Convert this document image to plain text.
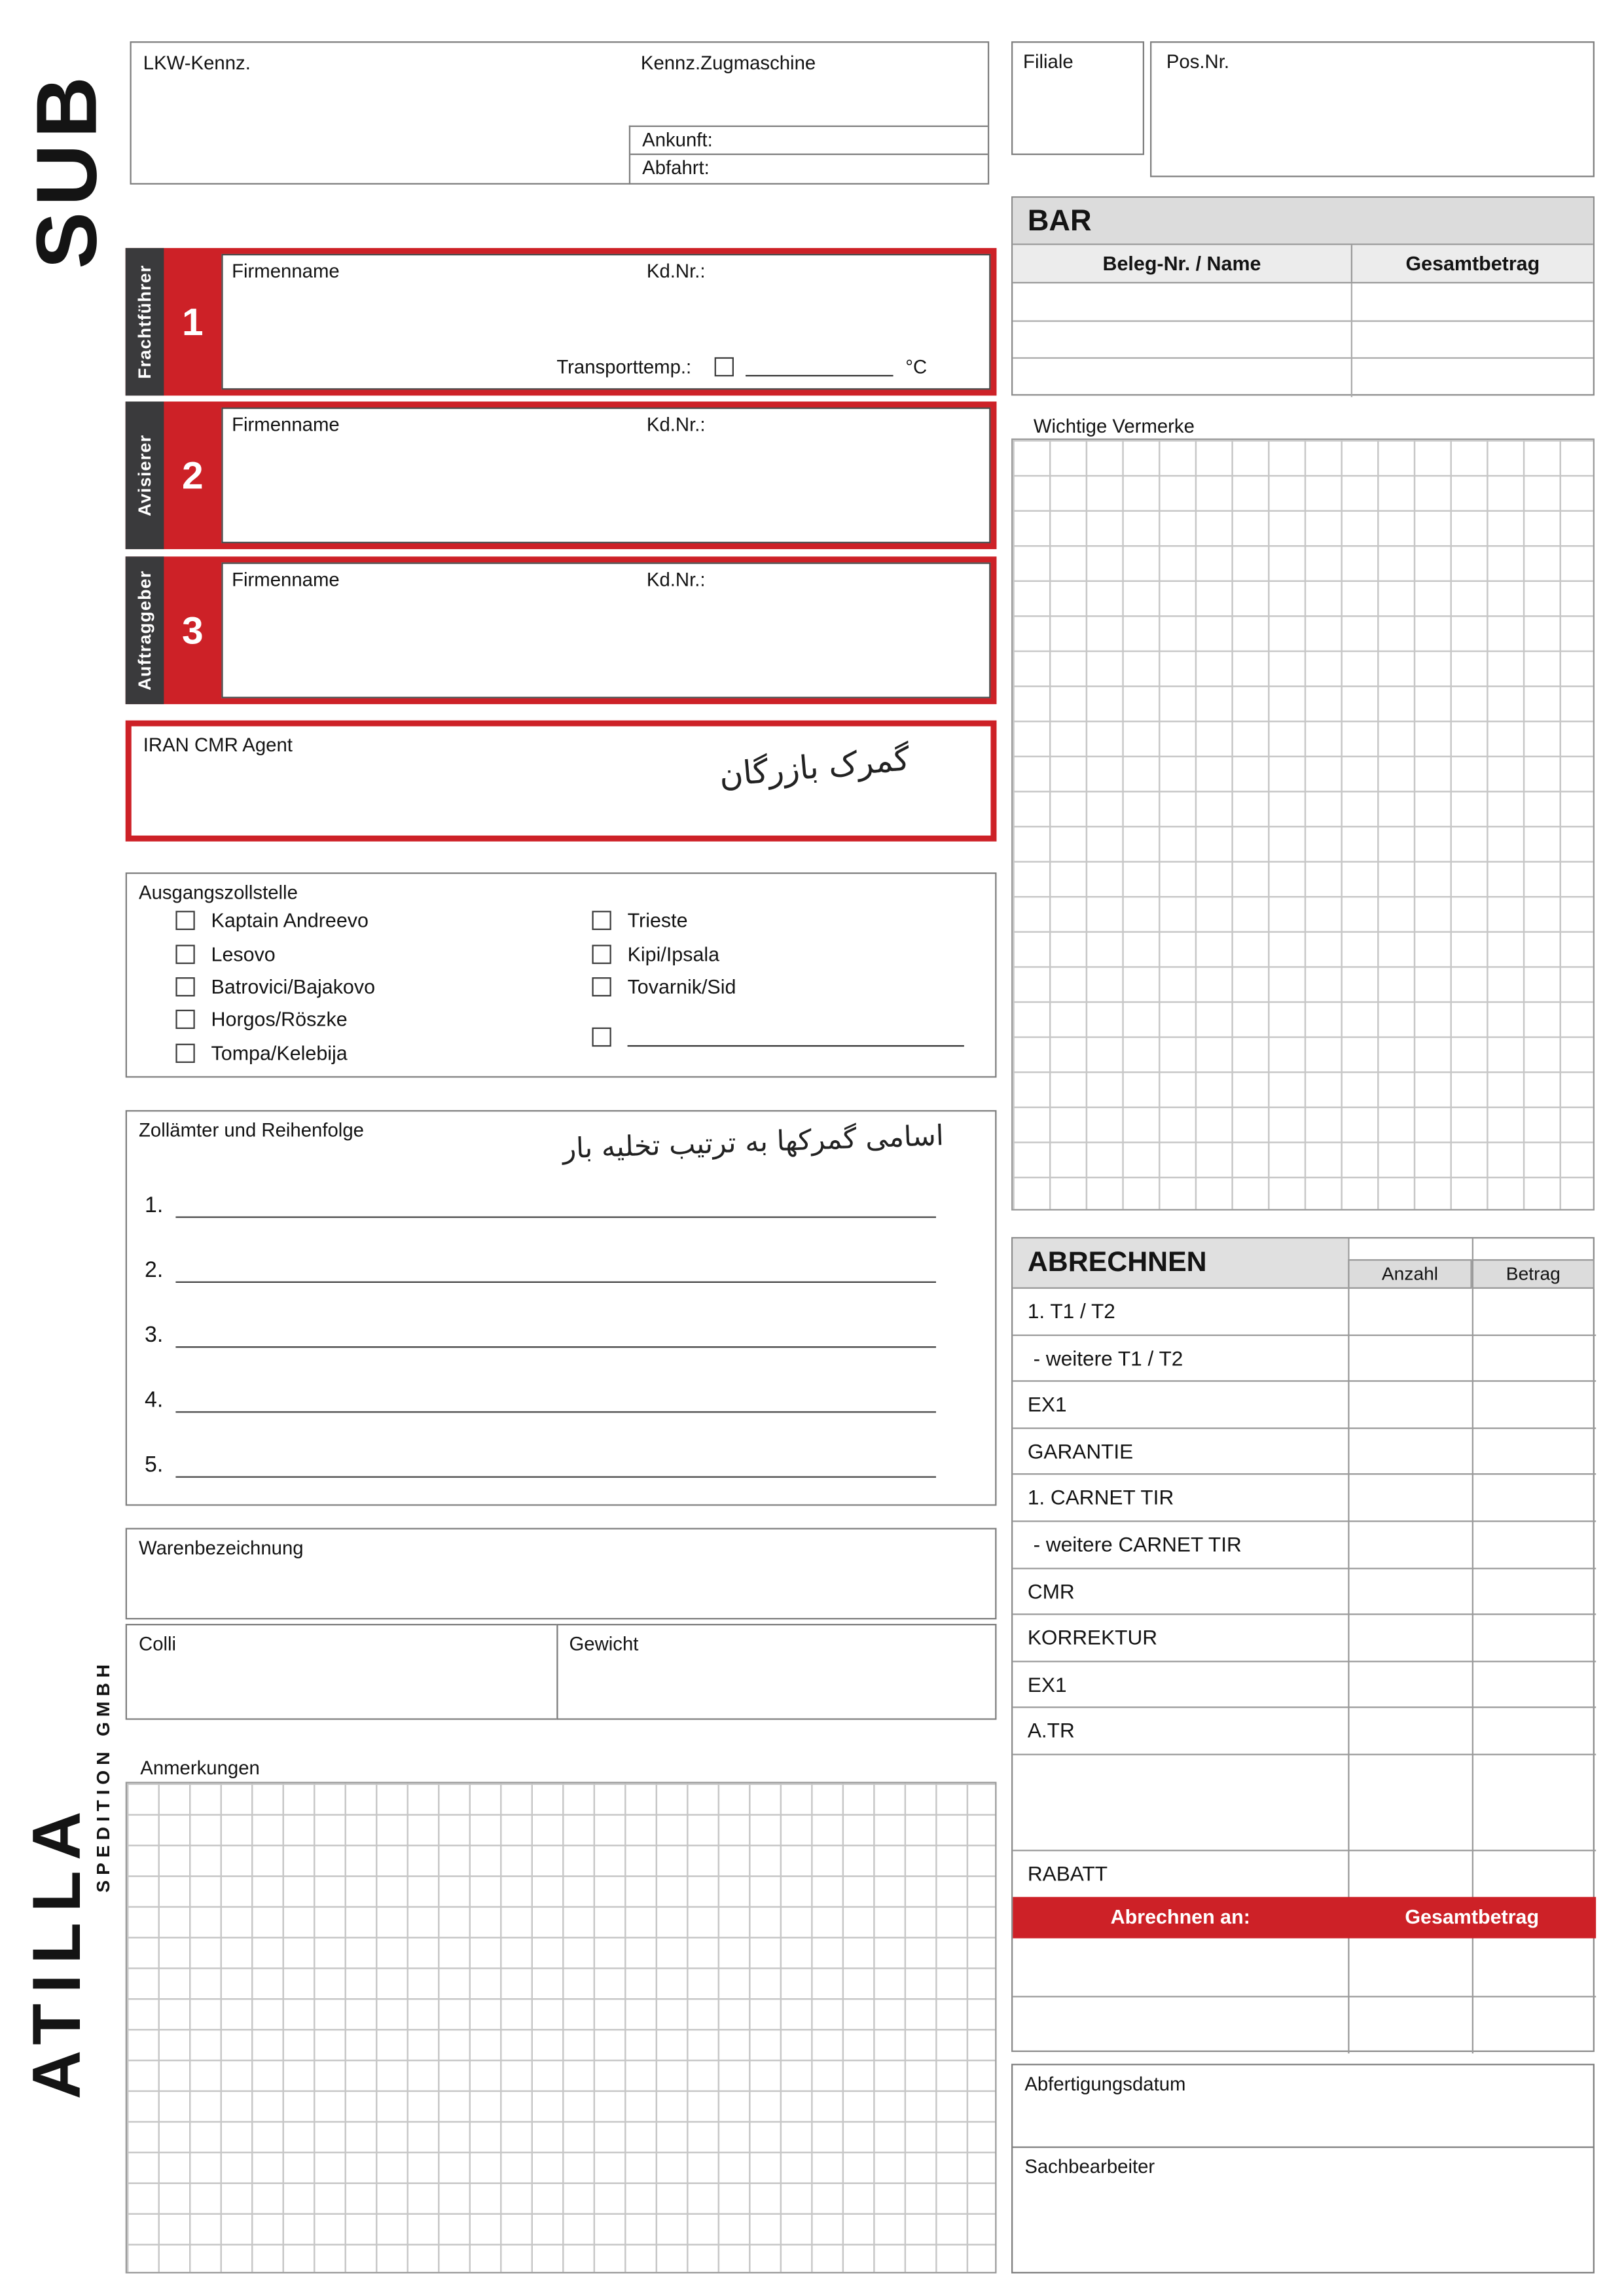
SUB
LKW-Kennz.	Kennz.Zugmaschine
Ankunft:
Abfahrt:
Filiale	Pos.Nr.
BAR
Beleg-Nr. / Name	Gesamtbetrag
Frachtführer	1
Firmenname	Kd.Nr.:
Transporttemp.:	°C
Avisierer	2
Firmenname	Kd.Nr.:
Auftraggeber	3
Firmenname	Kd.Nr.:
IRAN CMR Agent	گمرک بازرگان
Wichtige Vermerke
Ausgangszollstelle
Kaptain Andreevo
Lesovo
Batrovici/Bajakovo
Horgos/Röszke
Tompa/Kelebija
Trieste
Kipi/Ipsala
Tovarnik/Sid
Zollämter und Reihenfolge	اسامی گمرکها به ترتیب تخلیه بار
1.
2.
3.
4.
5.
Warenbezeichnung
Colli	Gewicht
Anmerkungen
ABRECHNEN	Anzahl	Betrag
1. T1 / T2
- weitere T1 / T2
EX1
GARANTIE
1. CARNET TIR
- weitere CARNET TIR
CMR
KORREKTUR
EX1
A.TR
RABATT
Abrechnen an:	Gesamtbetrag
Abfertigungsdatum
Sachbearbeiter
ATILLA
SPEDITION GMBH
